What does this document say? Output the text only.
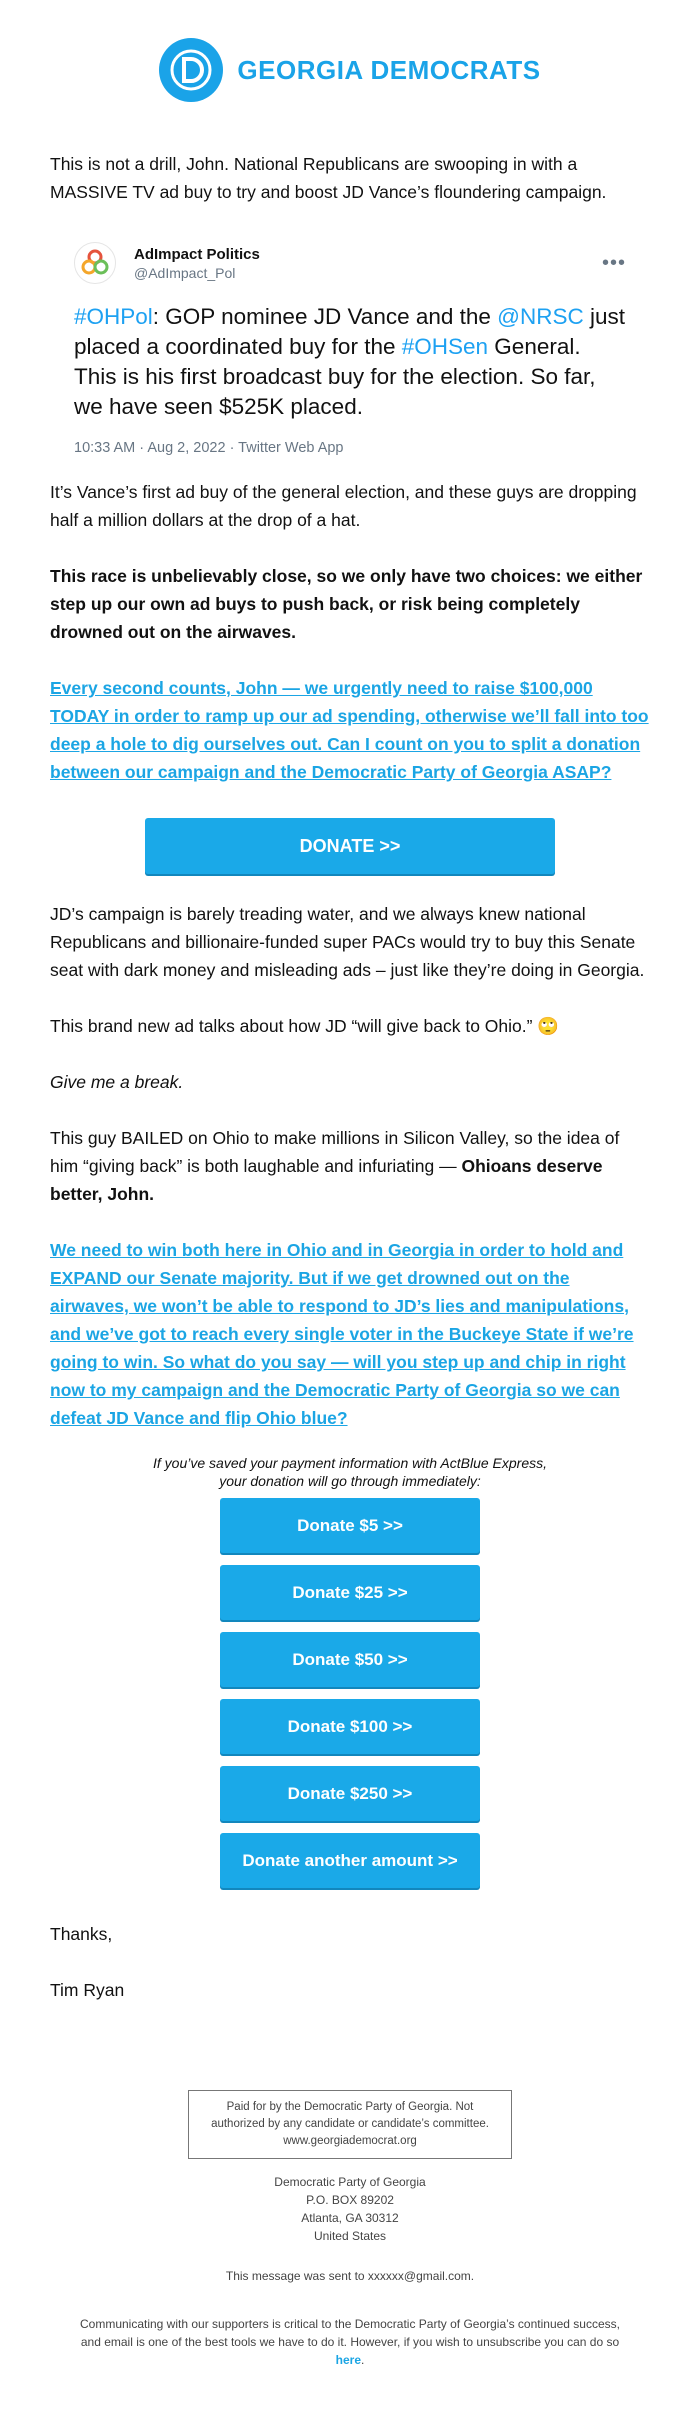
GEORGIA DEMOCRATS

This is not a drill, John. National Republicans are swooping in with a MASSIVE TV ad buy to try and boost JD Vance’s floundering campaign.

AdImpact Politics
@AdImpact_Pol	•••
#OHPol: GOP nominee JD Vance and the @NRSC just placed a coordinated buy for the #OHSen General. This is his first broadcast buy for the election. So far, we have seen $525K placed.
10:33 AM · Aug 2, 2022 · Twitter Web App

It’s Vance’s first ad buy of the general election, and these guys are dropping half a million dollars at the drop of a hat.

This race is unbelievably close, so we only have two choices: we either step up our own ad buys to push back, or risk being completely drowned out on the airwaves.

Every second counts, John — we urgently need to raise $100,000 TODAY in order to ramp up our ad spending, otherwise we’ll fall into too deep a hole to dig ourselves out. Can I count on you to split a donation between our campaign and the Democratic Party of Georgia ASAP?

DONATE >>

JD’s campaign is barely treading water, and we always knew national Republicans and billionaire-funded super PACs would try to buy this Senate seat with dark money and misleading ads – just like they’re doing in Georgia.

This brand new ad talks about how JD “will give back to Ohio.” 🙄

Give me a break.

This guy BAILED on Ohio to make millions in Silicon Valley, so the idea of him “giving back” is both laughable and infuriating — Ohioans deserve better, John.

We need to win both here in Ohio and in Georgia in order to hold and EXPAND our Senate majority. But if we get drowned out on the airwaves, we won’t be able to respond to JD’s lies and manipulations, and we’ve got to reach every single voter in the Buckeye State if we’re going to win. So what do you say — will you step up and chip in right now to my campaign and the Democratic Party of Georgia so we can defeat JD Vance and flip Ohio blue?

If you’ve saved your payment information with ActBlue Express,
your donation will go through immediately:
Donate $5 >>
Donate $25 >>
Donate $50 >>
Donate $100 >>
Donate $250 >>
Donate another amount >>

Thanks,

Tim Ryan

Paid for by the Democratic Party of Georgia. Not authorized by any candidate or candidate’s committee. www.georgiademocrat.org
Democratic Party of Georgia
P.O. BOX 89202
Atlanta, GA 30312
United States
This message was sent to xxxxxx@gmail.com.
Communicating with our supporters is critical to the Democratic Party of Georgia’s continued success, and email is one of the best tools we have to do it. However, if you wish to unsubscribe you can do so here.
